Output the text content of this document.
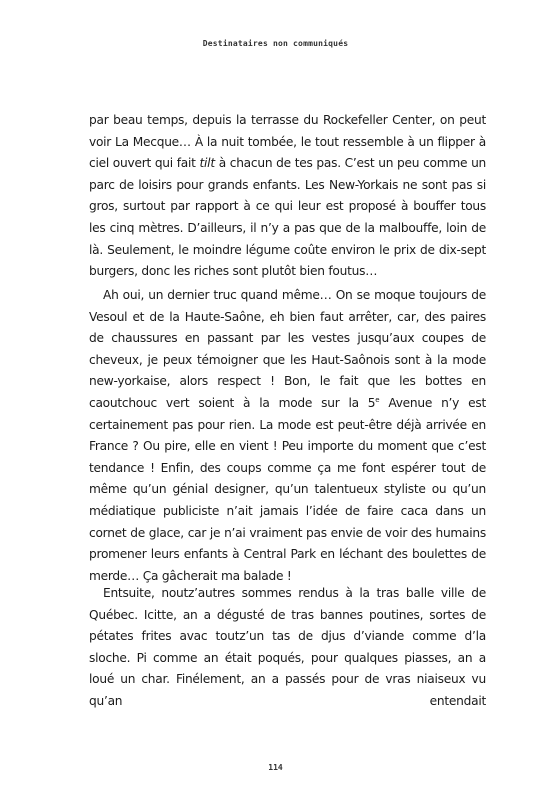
Destinataires non communiqués

par beau temps, depuis la terrasse du Rockefeller Center, on peut voir La Mecque… À la nuit tombée, le tout ressemble à un flipper à ciel ouvert qui fait tilt à chacun de tes pas. C’est un peu comme un parc de loisirs pour grands enfants. Les New-Yorkais ne sont pas si gros, surtout par rapport à ce qui leur est proposé à bouffer tous les cinq mètres. D’ailleurs, il n’y a pas que de la malbouffe, loin de là. Seulement, le moindre légume coûte environ le prix de dix-sept burgers, donc les riches sont plutôt bien foutus…

Ah oui, un dernier truc quand même… On se moque toujours de Vesoul et de la Haute-Saône, eh bien faut arrêter, car, des paires de chaussures en passant par les vestes jusqu’aux coupes de cheveux, je peux témoigner que les Haut-Saônois sont à la mode new-yorkaise, alors respect ! Bon, le fait que les bottes en caoutchouc vert soient à la mode sur la 5e Avenue n’y est certainement pas pour rien. La mode est peut-être déjà arrivée en France ? Ou pire, elle en vient ! Peu importe du moment que c’est tendance ! Enfin, des coups comme ça me font espérer tout de même qu’un génial designer, qu’un talentueux styliste ou qu’un médiatique publiciste n’ait jamais l’idée de faire caca dans un cornet de glace, car je n’ai vraiment pas envie de voir des humains promener leurs enfants à Central Park en léchant des boulettes de merde… Ça gâcherait ma balade !

Entsuite, noutz’autres sommes rendus à la tras balle ville de Québec. Icitte, an a dégusté de tras bannes poutines, sortes de pétates frites avac toutz’un tas de djus d’viande comme d’la sloche. Pi comme an était poqués, pour qualques piasses, an a loué un char. Finélement, an a passés pour de vras niaiseux vu qu’an entendait

114
